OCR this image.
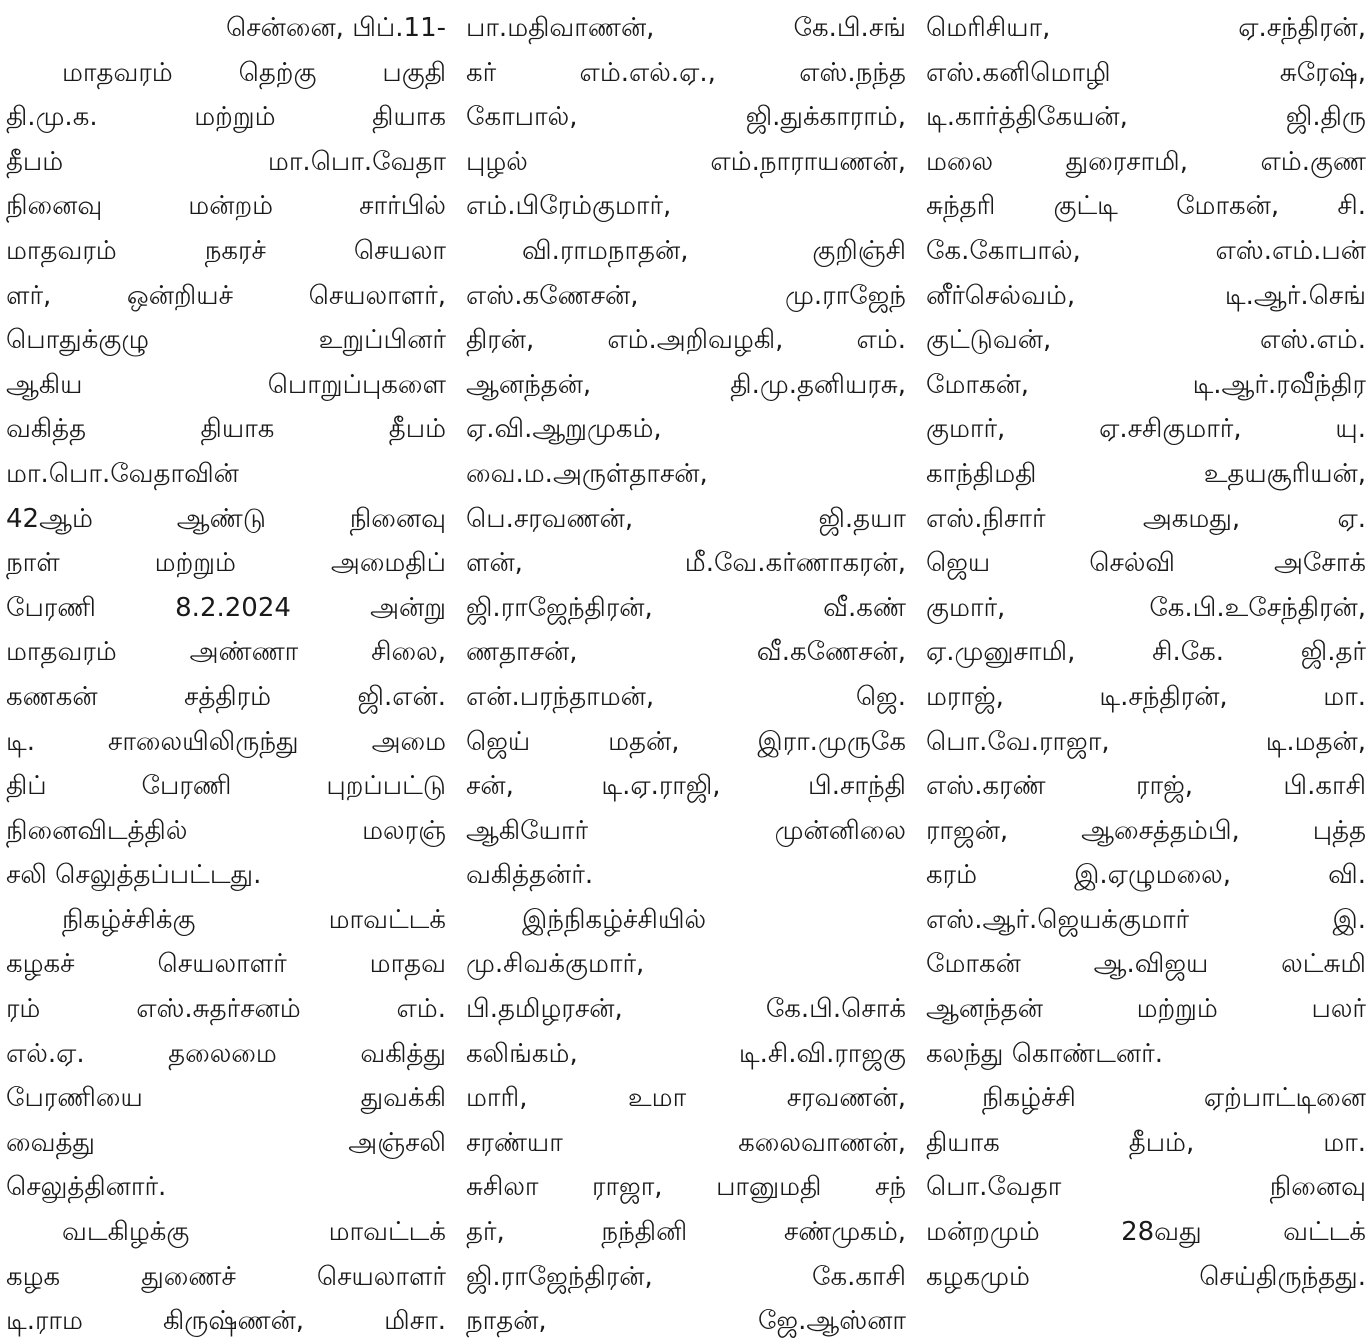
சென்னை, பிப்.11-
மாதவரம் தெற்கு பகுதி
தி.மு.க. மற்றும் தியாக
தீபம் மா.பொ.வேதா
நினைவு மன்றம் சார்பில்
மாதவரம் நகரச் செயலா
ளர், ஒன்றியச் செயலாளர்,
பொதுக்குழு உறுப்பினர்
ஆகிய பொறுப்புகளை
வகித்த தியாக தீபம்
மா.பொ.வேதாவின்
42ஆம் ஆண்டு நினைவு
நாள் மற்றும் அமைதிப்
பேரணி 8.2.2024 அன்று
மாதவரம் அண்ணா சிலை,
கணகன் சத்திரம் ஜி.என்.
டி. சாலையிலிருந்து அமை
திப் பேரணி புறப்பட்டு
நினைவிடத்தில் மலரஞ்
சலி செலுத்தப்பட்டது.
நிகழ்ச்சிக்கு மாவட்டக்
கழகச் செயலாளர் மாதவ
ரம் எஸ்.சுதர்சனம் எம்.
எல்.ஏ. தலைமை வகித்து
பேரணியை துவக்கி
வைத்து அஞ்சலி
செலுத்தினார்.
வடகிழக்கு மாவட்டக்
கழக துணைச் செயலாளர்
டி.ராம கிருஷ்ணன், மிசா.
பா.மதிவாணன், கே.பி.சங்
கர் எம்.எல்.ஏ., எஸ்.நந்த
கோபால், ஜி.துக்காராம்,
புழல் எம்.நாராயணன்,
எம்.பிரேம்குமார்,
வி.ராமநாதன், குறிஞ்சி
எஸ்.கணேசன், மு.ராஜேந்
திரன், எம்.அறிவழகி, எம்.
ஆனந்தன், தி.மு.தனியரசு,
ஏ.வி.ஆறுமுகம்,
வை.ம.அருள்தாசன்,
பெ.சரவணன், ஜி.தயா
ளன், மீ.வே.கர்ணாகரன்,
ஜி.ராஜேந்திரன், வீ.கண்
ணதாசன், வீ.கணேசன்,
என்.பரந்தாமன், ஜெ.
ஜெய் மதன், இரா.முருகே
சன், டி.ஏ.ராஜி, பி.சாந்தி
ஆகியோர் முன்னிலை
வகித்தன்ர்.
இந்நிகழ்ச்சியில்
மு.சிவக்குமார்,
பி.தமிழரசன், கே.பி.சொக்
கலிங்கம், டி.சி.வி.ராஜகு
மாரி, உமா சரவணன்,
சரண்யா கலைவாணன்,
சுசிலா ராஜா, பானுமதி சந்
தர், நந்தினி சண்முகம்,
ஜி.ராஜேந்திரன், கே.காசி
நாதன், ஜே.ஆஸ்னா
மெரிசியா, ஏ.சந்திரன்,
எஸ்.கனிமொழி சுரேஷ்,
டி.கார்த்திகேயன், ஜி.திரு
மலை துரைசாமி, எம்.குண
சுந்தரி குட்டி மோகன், சி.
கே.கோபால், எஸ்.எம்.பன்
னீர்செல்வம், டி.ஆர்.செங்
குட்டுவன், எஸ்.எம்.
மோகன், டி.ஆர்.ரவீந்திர
குமார், ஏ.சசிகுமார், யு.
காந்திமதி உதயசூரியன்,
எஸ்.நிசார் அகமது, ஏ.
ஜெய செல்வி அசோக்
குமார், கே.பி.உசேந்திரன்,
ஏ.முனுசாமி, சி.கே. ஜி.தர்
மராஜ், டி.சந்திரன், மா.
பொ.வே.ராஜா, டி.மதன்,
எஸ்.கரண் ராஜ், பி.காசி
ராஜன், ஆசைத்தம்பி, புத்த
கரம் இ.ஏழுமலை, வி.
எஸ்.ஆர்.ஜெயக்குமார் இ.
மோகன் ஆ.விஜய லட்சுமி
ஆனந்தன் மற்றும் பலர்
கலந்து கொண்டனர்.
நிகழ்ச்சி ஏற்பாட்டினை
தியாக தீபம், மா.
பொ.வேதா நினைவு
மன்றமும் 28வது வட்டக்
கழகமும் செய்திருந்தது.
